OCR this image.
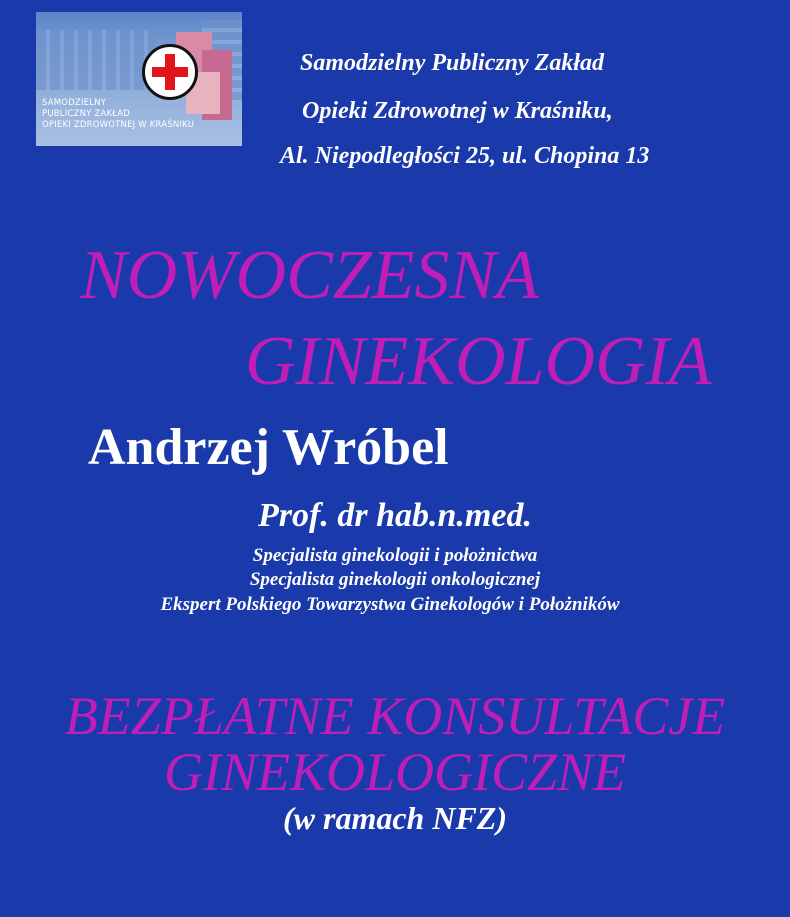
SAMODZIELNY
PUBLICZNY ZAKŁAD
OPIEKI ZDROWOTNEJ W KRAŚNIKU
Samodzielny Publiczny Zakład
Opieki Zdrowotnej w Kraśniku,
Al. Niepodległości 25, ul. Chopina 13
NOWOCZESNA
GINEKOLOGIA
Andrzej Wróbel
Prof. dr hab.n.med.
Specjalista ginekologii i położnictwa
Specjalista ginekologii onkologicznej
Ekspert Polskiego Towarzystwa Ginekologów i Położników
BEZPŁATNE KONSULTACJE
GINEKOLOGICZNE
(w ramach NFZ)
